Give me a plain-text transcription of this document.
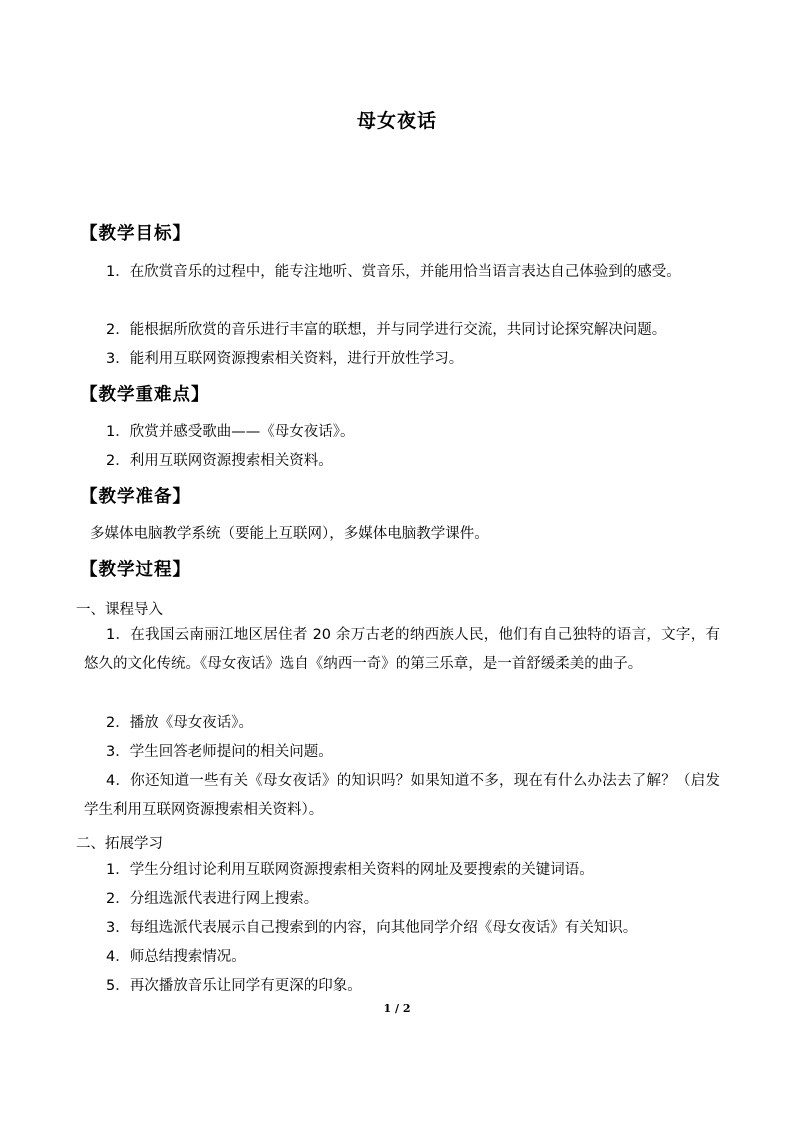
母女夜话
【教学目标】
1．在欣赏音乐的过程中，能专注地听、赏音乐，并能用恰当语言表达自己体验到的感受。
2．能根据所欣赏的音乐进行丰富的联想，并与同学进行交流，共同讨论探究解决问题。
3．能利用互联网资源搜索相关资料，进行开放性学习。
【教学重难点】
1．欣赏并感受歌曲——《母女夜话》。
2．利用互联网资源搜索相关资料。
【教学准备】
多媒体电脑教学系统（要能上互联网），多媒体电脑教学课件。
【教学过程】
一、课程导入
1．在我国云南丽江地区居住者 20 余万古老的纳西族人民，他们有自己独特的语言，文字，有悠久的文化传统。《母女夜话》选自《纳西一奇》的第三乐章，是一首舒缓柔美的曲子。
2．播放《母女夜话》。
3．学生回答老师提问的相关问题。
4．你还知道一些有关《母女夜话》的知识吗？如果知道不多，现在有什么办法去了解？（启发学生利用互联网资源搜索相关资料）。
二、拓展学习
1．学生分组讨论利用互联网资源搜索相关资料的网址及要搜索的关键词语。
2．分组选派代表进行网上搜索。
3．每组选派代表展示自己搜索到的内容，向其他同学介绍《母女夜话》有关知识。
4．师总结搜索情况。
5．再次播放音乐让同学有更深的印象。
1 / 2
